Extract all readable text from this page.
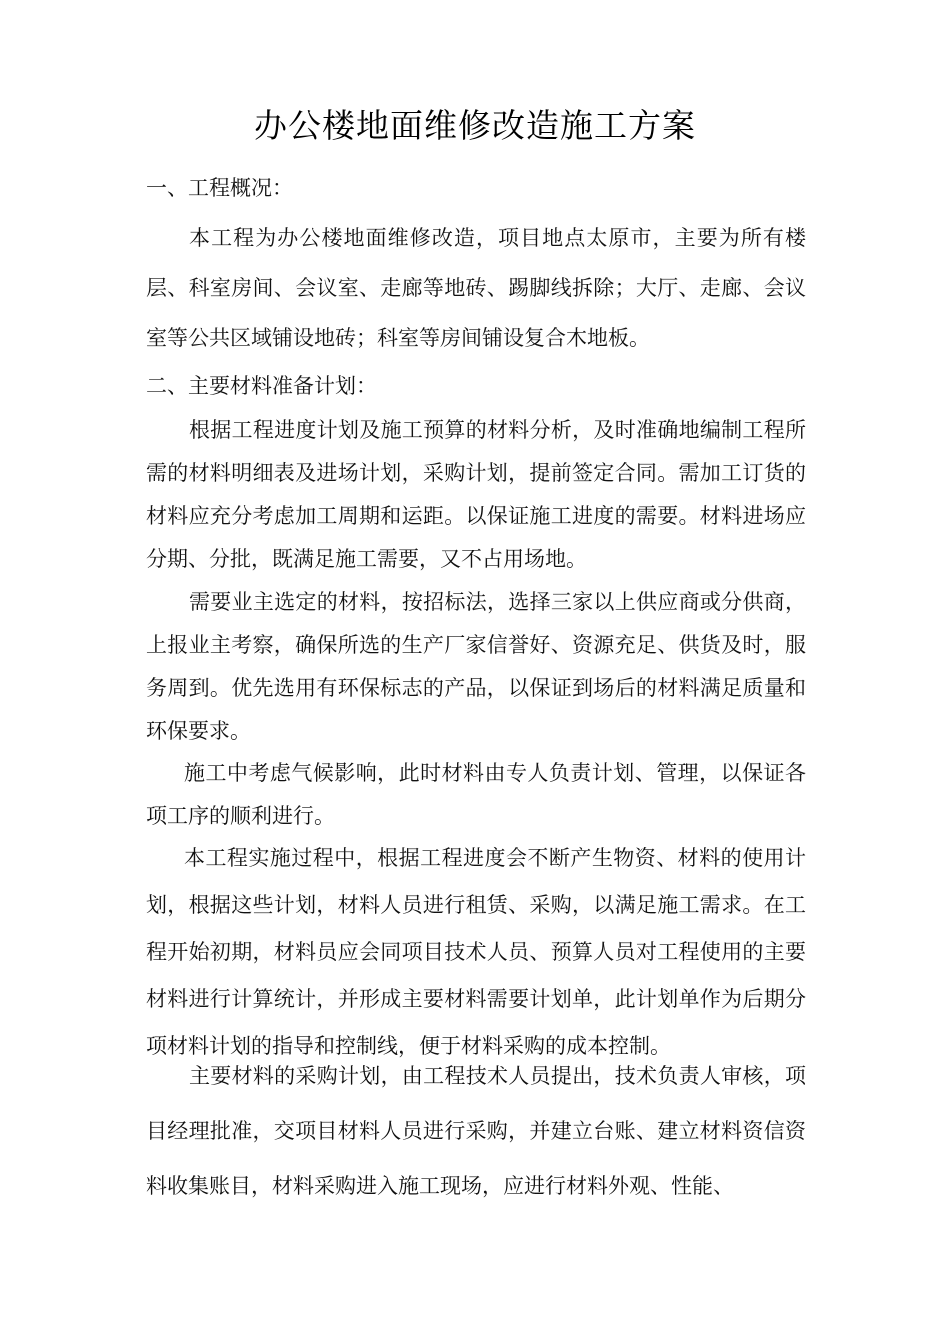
办公楼地面维修改造施工方案
一、工程概况：

本工程为办公楼地面维修改造，项目地点太原市，主要为所有楼层、科室房间、会议室、走廊等地砖、踢脚线拆除；大厅、走廊、会议室等公共区域铺设地砖；科室等房间铺设复合木地板。

二、主要材料准备计划：

根据工程进度计划及施工预算的材料分析，及时准确地编制工程所需的材料明细表及进场计划，采购计划，提前签定合同。需加工订货的材料应充分考虑加工周期和运距。以保证施工进度的需要。材料进场应分期、分批，既满足施工需要，又不占用场地。

需要业主选定的材料，按招标法，选择三家以上供应商或分供商，上报业主考察，确保所选的生产厂家信誉好、资源充足、供货及时，服务周到。优先选用有环保标志的产品，以保证到场后的材料满足质量和环保要求。

施工中考虑气候影响，此时材料由专人负责计划、管理，以保证各项工序的顺利进行。

本工程实施过程中，根据工程进度会不断产生物资、材料的使用计划，根据这些计划，材料人员进行租赁、采购，以满足施工需求。在工程开始初期，材料员应会同项目技术人员、预算人员对工程使用的主要材料进行计算统计，并形成主要材料需要计划单，此计划单作为后期分项材料计划的指导和控制线，便于材料采购的成本控制。

主要材料的采购计划，由工程技术人员提出，技术负责人审核，项目经理批准，交项目材料人员进行采购，并建立台账、建立材料资信资料收集账目，材料采购进入施工现场，应进行材料外观、性能、
